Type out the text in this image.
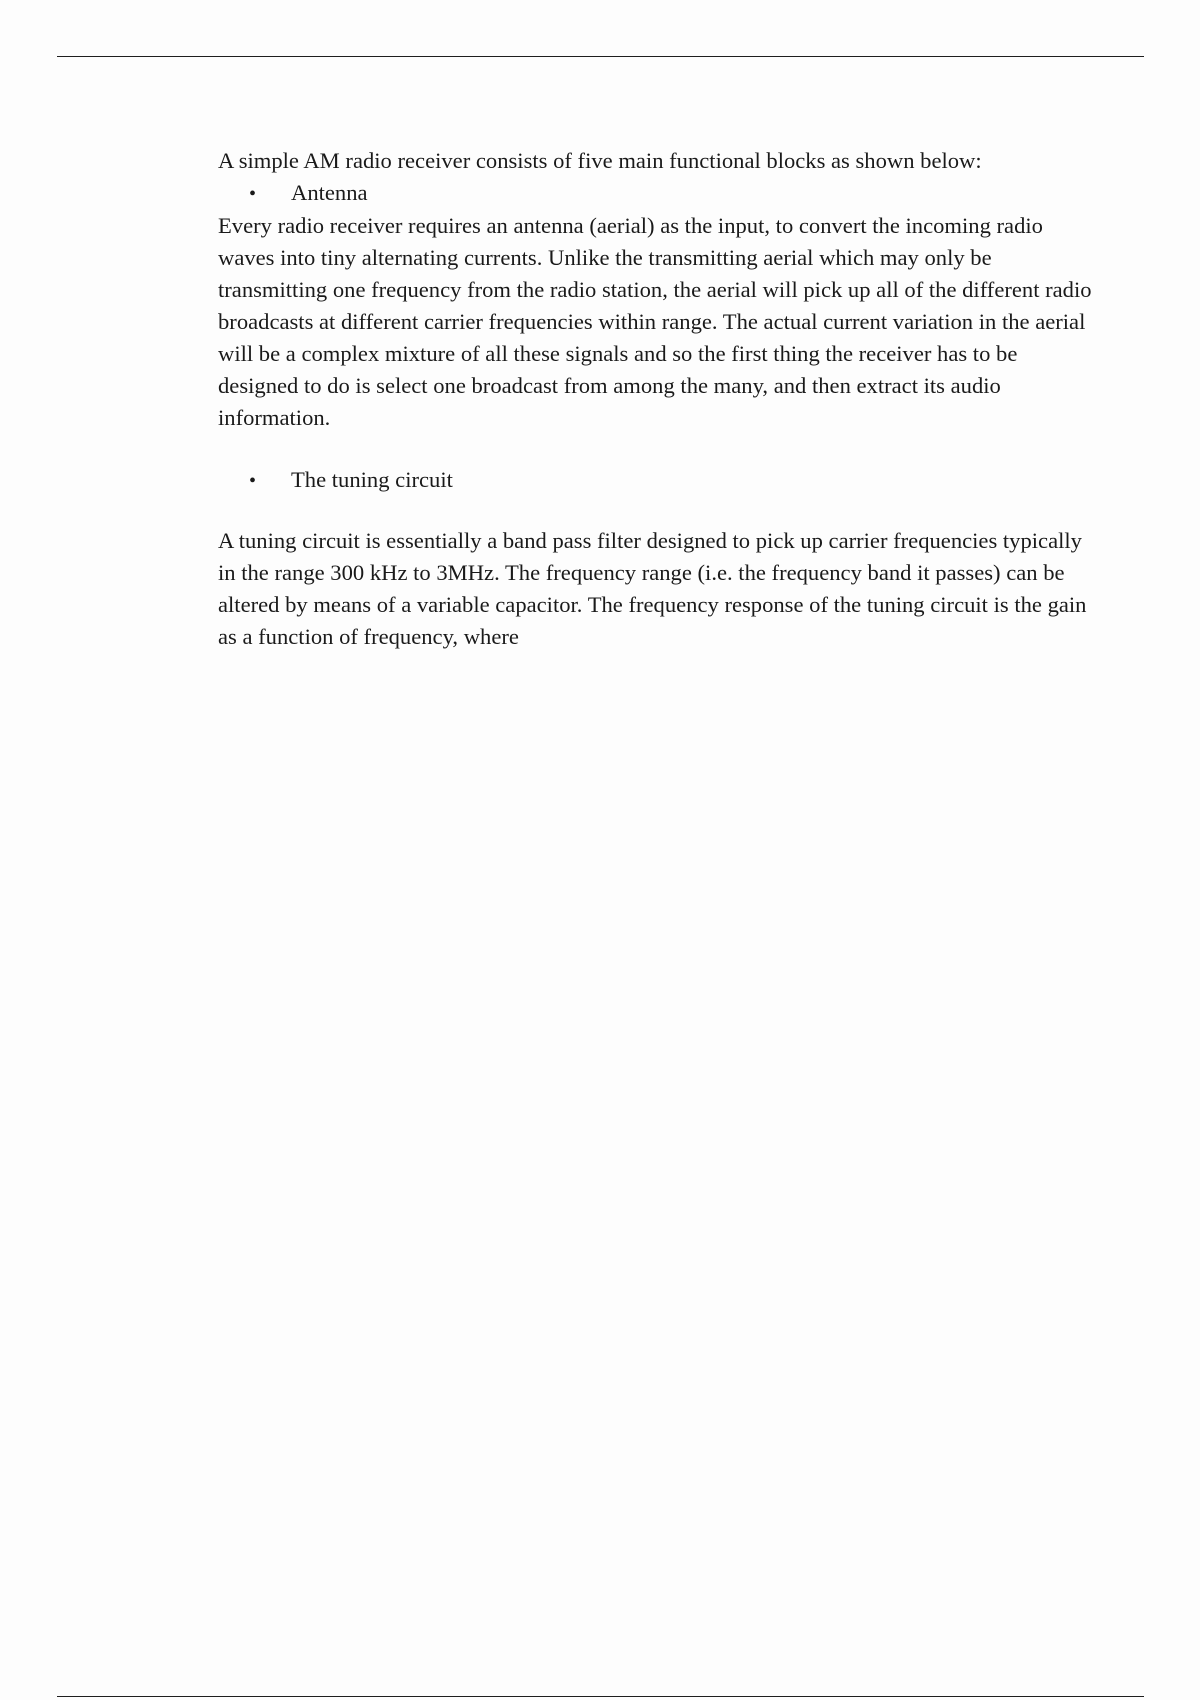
A simple AM radio receiver consists of five main functional blocks as shown below:

•	Antenna

Every radio receiver requires an antenna (aerial) as the input, to convert the incoming radio waves into tiny alternating currents. Unlike the transmitting aerial which may only be transmitting one frequency from the radio station, the aerial will pick up all of the different radio broadcasts at different carrier frequencies within range. The actual current variation in the aerial will be a complex mixture of all these signals and so the first thing the receiver has to be designed to do is select one broadcast from among the many, and then extract its audio information.

•	The tuning circuit

A tuning circuit is essentially a band pass filter designed to pick up carrier frequencies typically in the range 300 kHz to 3MHz. The frequency range (i.e. the frequency band it passes) can be altered by means of a variable capacitor. The frequency response of the tuning circuit is the gain as a function of frequency, where
